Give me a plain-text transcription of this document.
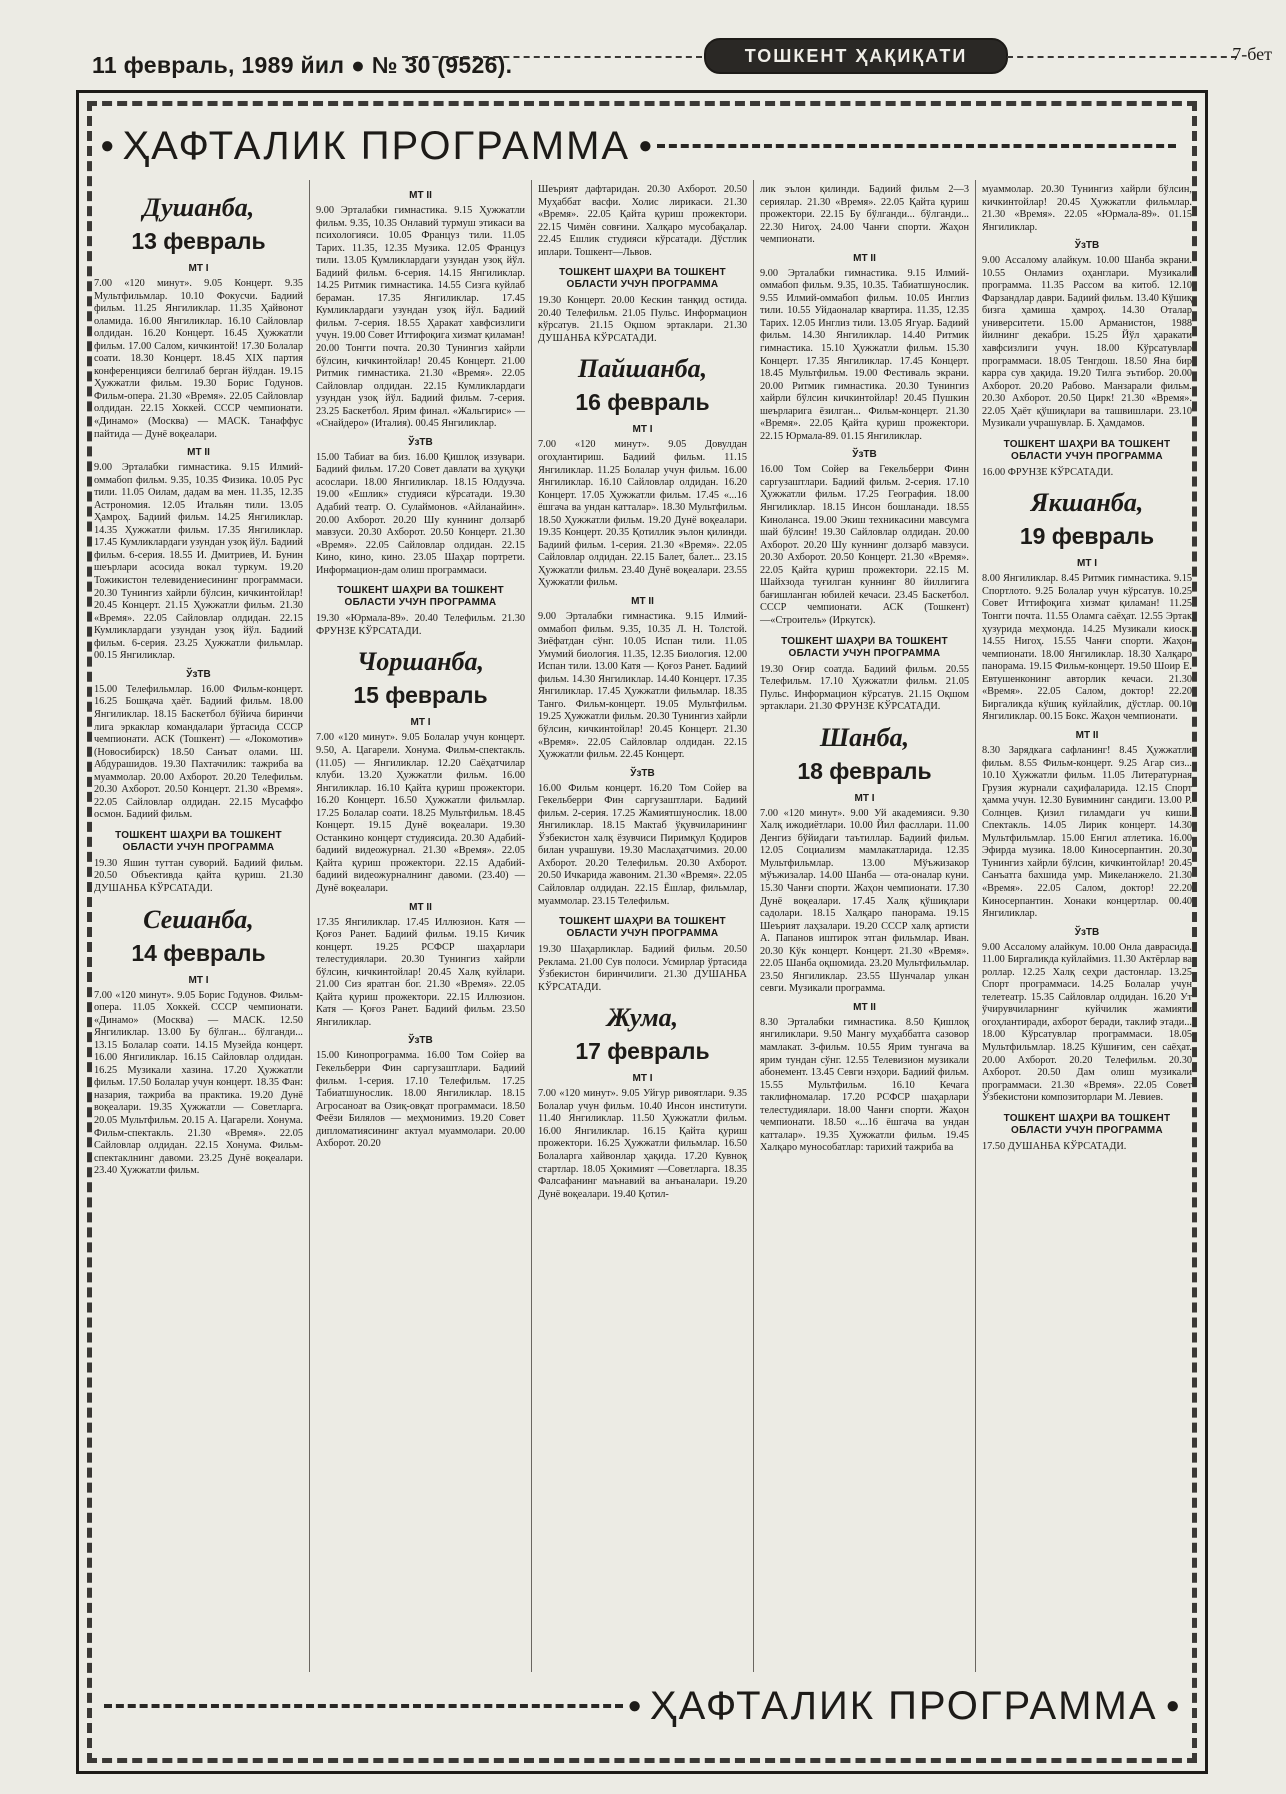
11 февраль, 1989 йил ● № 30 (9526).	ТОШКЕНТ ҲАҚИҚАТИ	7-бет
● ҲАФТАЛИК ПРОГРАММА ●
Душанба,
13 февраль
МТ I

7.00 «120 минут». 9.05 Концерт. 9.35 Мультфильмлар. 10.10 Фокусчи. Бадиий фильм. 11.25 Янгиликлар. 11.35 Ҳайвонот оламида. 16.00 Янгиликлар. 16.10 Сайловлар олдидан. 16.20 Концерт. 16.45 Ҳужжатли фильм. 17.00 Салом, кичкинтой! 17.30 Болалар соати. 18.30 Концерт. 18.45 XIX партия конференцияси белгилаб берган йўлдан. 19.15 Ҳужжатли фильм. 19.30 Борис Годунов. Фильм-опера. 21.30 «Время». 22.05 Сайловлар олдидан. 22.15 Хоккей. СССР чемпионати. «Динамо» (Москва) — МАСК. Танаффус пайтида — Дунё воқеалари.

МТ II

9.00 Эрталабки гимнастика. 9.15 Илмий-оммабоп фильм. 9.35, 10.35 Физика. 10.05 Рус тили. 11.05 Оилам, дадам ва мен. 11.35, 12.35 Астрономия. 12.05 Итальян тили. 13.05 Ҳамроҳ. Бадиий фильм. 14.25 Янгиликлар. 14.35 Ҳужжатли фильм. 17.35 Янгиликлар. 17.45 Кумликлардаги узундан узоқ йўл. Бадиий фильм. 6-серия. 18.55 И. Дмитриев, И. Бунин шеърлари асосида вокал туркум. 19.20 Тожикистон телевидениесининг программаси. 20.30 Тунингиз хайрли бўлсин, кичкинтойлар! 20.45 Концерт. 21.15 Ҳужжатли фильм. 21.30 «Время». 22.05 Сайловлар олдидан. 22.15 Кумликлардаги узундан узоқ йўл. Бадиий фильм. 6-серия. 23.25 Ҳужжатли фильмлар. 00.15 Янгиликлар.

ЎзТВ

15.00 Телефильмлар. 16.00 Фильм-концерт. 16.25 Бошқача ҳаёт. Бадиий фильм. 18.00 Янгиликлар. 18.15 Баскетбол бўйича биринчи лига эркаклар командалари ўртасида СССР чемпионати. АСК (Тошкент) — «Локомотив» (Новосибирск) 18.50 Санъат олами. Ш. Абдурашидов. 19.30 Пахтачилик: тажриба ва муаммолар. 20.00 Ахборот. 20.20 Телефильм. 20.30 Ахборот. 20.50 Концерт. 21.30 «Время». 22.05 Сайловлар олдидан. 22.15 Мусаффо осмон. Бадиий фильм.

ТОШКЕНТ ШАҲРИ ВА ТОШКЕНТ ОБЛАСТИ УЧУН ПРОГРАММА

19.30 Яшин туттан суворий. Бадиий фильм. 20.50 Объективда қайта қуриш. 21.30 ДУШАНБА КЎРСАТАДИ.

Сешанба,
14 февраль
МТ I

7.00 «120 минут». 9.05 Борис Годунов. Фильм-опера. 11.05 Хоккей. СССР чемпионати. «Динамо» (Москва) — МАСК. 12.50 Янгиликлар. 13.00 Бу бўлган... бўлганди... 13.15 Болалар соати. 14.15 Музейда концерт. 16.00 Янгиликлар. 16.15 Сайловлар олдидан. 16.25 Музикали хазина. 17.20 Ҳужжатли фильм. 17.50 Болалар учун концерт. 18.35 Фан: назария, тажриба ва практика. 19.20 Дунё воқеалари. 19.35 Ҳужжатли — Советларга. 20.05 Мультфильм. 20.15 А. Цагарели. Хонума. Фильм-спектакль. 21.30 «Время». 22.05 Сайловлар олдидан. 22.15 Хонума. Фильм-спектаклнинг давоми. 23.25 Дунё воқеалари. 23.40 Ҳужжатли фильм.

МТ II

9.00 Эрталабки гимнастика. 9.15 Ҳужжатли фильм. 9.35, 10.35 Онлавий турмуш этикаси ва психологияси. 10.05 Француз тили. 11.05 Тарих. 11.35, 12.35 Музика. 12.05 Француз тили. 13.05 Қумликлардаги узундан узоқ йўл. Бадиий фильм. 6-серия. 14.15 Янгиликлар. 14.25 Ритмик гимнастика. 14.55 Сизга куйлаб бераман. 17.35 Янгиликлар. 17.45 Кумликлардаги узундан узоқ йўл. Бадиий фильм. 7-серия. 18.55 Ҳаракат хавфсизлиги учун. 19.00 Совет Иттифоқига хизмат қиламан! 20.00 Тонгги почта. 20.30 Тунингиз хайрли бўлсин, кичкинтойлар! 20.45 Концерт. 21.00 Ритмик гимнастика. 21.30 «Время». 22.05 Сайловлар олдидан. 22.15 Кумликлардаги узундан узоқ йўл. Бадиий фильм. 7-серия. 23.25 Баскетбол. Ярим финал. «Жальгирис» — «Снайдеро» (Италия). 00.45 Янгиликлар.

ЎзТВ

15.00 Табиат ва биз. 16.00 Қишлоқ иззувари. Бадиий фильм. 17.20 Совет давлати ва ҳуқуқи асослари. 18.00 Янгиликлар. 18.15 Юлдузча. 19.00 «Ешлик» студияси кўрсатади. 19.30 Адабий театр. О. Сулаймонов. «Айланайин». 20.00 Ахборот. 20.20 Шу куннинг долзарб мавзуси. 20.30 Ахборот. 20.50 Концерт. 21.30 «Время». 22.05 Сайловлар олдидан. 22.15 Кино, кино, кино. 23.05 Шаҳар портрети. Информацион-дам олиш программаси.

ТОШКЕНТ ШАҲРИ ВА ТОШКЕНТ ОБЛАСТИ УЧУН ПРОГРАММА

19.30 «Юрмала-89». 20.40 Телефильм. 21.30 ФРУНЗЕ КЎРСАТАДИ.

Чоршанба,
15 февраль
МТ I

7.00 «120 минут». 9.05 Болалар учун концерт. 9.50, А. Цагарели. Хонума. Фильм-спектакль. (11.05) — Янгиликлар. 12.20 Саёҳатчилар клуби. 13.20 Ҳужжатли фильм. 16.00 Янгиликлар. 16.10 Қайта қуриш прожектори. 16.20 Концерт. 16.50 Ҳужжатли фильмлар. 17.25 Болалар соати. 18.25 Мультфильм. 18.45 Концерт. 19.15 Дунё воқеалари. 19.30 Останкино концерт студиясида. 20.30 Адабий-бадиий видеожурнал. 21.30 «Время». 22.05 Қайта қуриш прожектори. 22.15 Адабий-бадиий видеожурналнинг давоми. (23.40) — Дунё воқеалари.

МТ II

17.35 Янгиликлар. 17.45 Иллюзион. Катя — Қоғоз Ранет. Бадиий фильм. 19.15 Кичик концерт. 19.25 РСФСР шаҳарлари телестудиялари. 20.30 Тунингиз хайрли бўлсин, кичкинтойлар! 20.45 Халқ куйлари. 21.00 Сиз яратган бог. 21.30 «Время». 22.05 Қайта қуриш прожектори. 22.15 Иллюзион. Катя — Қоғоз Ранет. Бадиий фильм. 23.50 Янгиликлар.

ЎзТВ

15.00 Кинопрограмма. 16.00 Том Сойер ва Гекельберри Фин саргузаштлари. Бадиий фильм. 1-серия. 17.10 Телефильм. 17.25 Табиатшунослик. 18.00 Янгиликлар. 18.15 Агросаноат ва Озиқ-овқат программаси. 18.50 Феёзи Билялов — меҳмонимиз. 19.20 Совет дипломатиясининг актуал муаммолари. 20.00 Ахборот. 20.20

Шеърият дафтаридан. 20.30 Ахборот. 20.50 Муҳаббат васфи. Холис лирикаси. 21.30 «Время». 22.05 Қайта қуриш прожектори. 22.15 Чимён совғини. Халқаро мусобақалар. 22.45 Ешлик студияси кўрсатади. Дўстлик иплари. Тошкент—Львов.

ТОШКЕНТ ШАҲРИ ВА ТОШКЕНТ ОБЛАСТИ УЧУН ПРОГРАММА

19.30 Концерт. 20.00 Кескин танқид остида. 20.40 Телефильм. 21.05 Пульс. Информацион кўрсатув. 21.15 Оқшом эртаклари. 21.30 ДУШАНБА КЎРСАТАДИ.

Пайшанба,
16 февраль
МТ I

7.00 «120 минут». 9.05 Довулдан огоҳлантириш. Бадиий фильм. 11.15 Янгиликлар. 11.25 Болалар учун фильм. 16.00 Янгиликлар. 16.10 Сайловлар олдидан. 16.20 Концерт. 17.05 Ҳужжатли фильм. 17.45 «...16 ёшгача ва ундан катталар». 18.30 Мультфильм. 18.50 Ҳужжатли фильм. 19.20 Дунё воқеалари. 19.35 Концерт. 20.35 Қотиллик эълон қилинди. Бадиий фильм. 1-серия. 21.30 «Время». 22.05 Сайловлар олдидан. 22.15 Балет, балет... 23.15 Ҳужжатли фильм. 23.40 Дунё воқеалари. 23.55 Ҳужжатли фильм.

МТ II

9.00 Эрталабки гимнастика. 9.15 Илмий-оммабоп фильм. 9.35, 10.35 Л. Н. Толстой. Зиёфатдан сўнг. 10.05 Испан тили. 11.05 Умумий биология. 11.35, 12.35 Биология. 12.00 Испан тили. 13.00 Катя — Қоғоз Ранет. Бадиий фильм. 14.30 Янгиликлар. 14.40 Концерт. 17.35 Янгиликлар. 17.45 Ҳужжатли фильмлар. 18.35 Танго. Фильм-концерт. 19.05 Мультфильм. 19.25 Ҳужжатли фильм. 20.30 Тунингиз хайрли бўлсин, кичкинтойлар! 20.45 Концерт. 21.30 «Время». 22.05 Сайловлар олдидан. 22.15 Ҳужжатли фильм. 22.45 Концерт.

ЎзТВ

16.00 Фильм концерт. 16.20 Том Сойер ва Гекельберри Фин саргузаштлари. Бадиий фильм. 2-серия. 17.25 Жамиятшунослик. 18.00 Янгиликлар. 18.15 Мактаб ўқувчиларининг Ўзбекистон халқ ёзувчиси Пиримқул Қодиров билан учрашуви. 19.30 Маслаҳатчимиз. 20.00 Ахборот. 20.20 Телефильм. 20.30 Ахборот. 20.50 Ичкарида жавоним. 21.30 «Время». 22.05 Сайловлар олдидан. 22.15 Ёшлар, фильмлар, муаммолар. 23.15 Телефильм.

ТОШКЕНТ ШАҲРИ ВА ТОШКЕНТ ОБЛАСТИ УЧУН ПРОГРАММА

19.30 Шаҳарликлар. Бадиий фильм. 20.50 Реклама. 21.00 Сув полоси. Усмирлар ўртасида Ўзбекистон биринчилиги. 21.30 ДУШАНБА КЎРСАТАДИ.

Жума,
17 февраль
МТ I

7.00 «120 минут». 9.05 Уйгур ривоятлари. 9.35 Болалар учун фильм. 10.40 Инсон институти. 11.40 Янгиликлар. 11.50 Ҳужжатли фильм. 16.00 Янгиликлар. 16.15 Қайта қуриш прожектори. 16.25 Ҳужжатли фильмлар. 16.50 Болаларга хайвонлар ҳақида. 17.20 Кувноқ стартлар. 18.05 Ҳокимият —Советларга. 18.35 Фалсафанинг маънавий ва анъаналари. 19.20 Дунё воқеалари. 19.40 Қотил-

лик эълон қилинди. Бадиий фильм 2—3 сериялар. 21.30 «Время». 22.05 Қайта қуриш прожектори. 22.15 Бу бўлганди... бўлганди... 22.30 Нигоҳ. 24.00 Чанғи спорти. Жаҳон чемпионати.

МТ II

9.00 Эрталабки гимнастика. 9.15 Илмий-оммабоп фильм. 9.35, 10.35. Табиатшунослик. 9.55 Илмий-оммабоп фильм. 10.05 Инглиз тили. 10.55 Уйдаоналар квартира. 11.35, 12.35 Тарих. 12.05 Инглиз тили. 13.05 Ягуар. Бадиий фильм. 14.30 Янгиликлар. 14.40 Ритмик гимнастика. 15.10 Ҳужжатли фильм. 15.30 Концерт. 17.35 Янгиликлар. 17.45 Концерт. 18.45 Мультфильм. 19.00 Фестиваль экрани. 20.00 Ритмик гимнастика. 20.30 Тунингиз хайрли бўлсин кичкинтойлар! 20.45 Пушкин шеърларига ёзилган... Фильм-концерт. 21.30 «Время». 22.05 Қайта қуриш прожектори. 22.15 Юрмала-89. 01.15 Янгиликлар.

ЎзТВ

16.00 Том Сойер ва Гекельберри Финн саргузаштлари. Бадиий фильм. 2-серия. 17.10 Ҳужжатли фильм. 17.25 География. 18.00 Янгиликлар. 18.15 Инсон бошланади. 18.55 Киноланса. 19.00 Экиш техникасини мавсумга шай бўлсин! 19.30 Сайловлар олдидан. 20.00 Ахборот. 20.20 Шу куннинг долзарб мавзуси. 20.30 Ахборот. 20.50 Концерт. 21.30 «Время». 22.05 Қайта қуриш прожектори. 22.15 М. Шайхзода туғилган куннинг 80 йиллигига бағишланган юбилей кечаси. 23.45 Баскетбол. СССР чемпионати. АСК (Тошкент) —«Строитель» (Иркутск).

ТОШКЕНТ ШАҲРИ ВА ТОШКЕНТ ОБЛАСТИ УЧУН ПРОГРАММА

19.30 Оғир соатда. Бадиий фильм. 20.55 Телефильм. 17.10 Ҳужжатли фильм. 21.05 Пульс. Информацион кўрсатув. 21.15 Оқшом эртаклари. 21.30 ФРУНЗЕ КЎРСАТАДИ.

Шанба,
18 февраль
МТ I

7.00 «120 минут». 9.00 Уй академияси. 9.30 Халқ ижодиётлари. 10.00 Йил фасллари. 11.00 Денгиз бўйидаги таътиллар. Бадиий фильм. 12.05 Социализм мамлакатларида. 12.35 Мультфильмлар. 13.00 Мўъжизакор мўъжизалар. 14.00 Шанба — ота-оналар куни. 15.30 Чанғи спорти. Жаҳон чемпионати. 17.30 Дунё воқеалари. 17.45 Халқ қўшиқлари садолари. 18.15 Халқаро панорама. 19.15 Шеърият лаҳзалари. 19.20 СССР халқ артисти А. Папанов иштирок этган фильмлар. Иван. 20.30 Кўк концерт. Концерт. 21.30 «Время». 22.05 Шанба оқшомида. 23.20 Мультфильмлар. 23.50 Янгиликлар. 23.55 Шунчалар улкан севги. Музикали программа.

МТ II

8.30 Эрталабки гимнастика. 8.50 Қишлоқ янгиликлари. 9.50 Мангу муҳаббатга сазовор мамлакат. 3-фильм. 10.55 Ярим тунгача ва ярим тундан сўнг. 12.55 Телевизион музикали абонемент. 13.45 Севги нэҳори. Бадиий фильм. 15.55 Мультфильм. 16.10 Кечага таклифномалар. 17.20 РСФСР шаҳарлари телестудиялари. 18.00 Чанғи спорти. Жаҳон чемпионати. 18.50 «...16 ёшгача ва ундан катталар». 19.35 Ҳужжатли фильм. 19.45 Халқаро мунособатлар: тарихий тажриба ва

муаммолар. 20.30 Тунингиз хайрли бўлсин, кичкинтойлар! 20.45 Ҳужжатли фильмлар. 21.30 «Время». 22.05 «Юрмала-89». 01.15 Янгиликлар.

ЎзТВ

9.00 Ассалому алайкум. 10.00 Шанба экрани. 10.55 Онламиз оҳанглари. Музикали программа. 11.35 Рассом ва китоб. 12.10 Фарзандлар даври. Бадиий фильм. 13.40 Кўшиқ бизга ҳамиша ҳамроҳ. 14.30 Оталар университети. 15.00 Арманистон, 1988 йилнинг декабри. 15.25 Йўл ҳаракати хавфсизлиги учун. 18.00 Кўрсатувлар программаси. 18.05 Тенгдош. 18.50 Яна бир карра сув ҳақида. 19.20 Тилга эътибор. 20.00 Ахборот. 20.20 Рабово. Манзарали фильм. 20.30 Ахборот. 20.50 Цирк! 21.30 «Время». 22.05 Ҳаёт қўшиқлари ва ташвишлари. 23.10 Музикали учрашувлар. Б. Ҳамдамов.

ТОШКЕНТ ШАҲРИ ВА ТОШКЕНТ ОБЛАСТИ УЧУН ПРОГРАММА

16.00 ФРУНЗЕ КЎРСАТАДИ.

Якшанба,
19 февраль
МТ I

8.00 Янгиликлар. 8.45 Ритмик гимнастика. 9.15 Спортлото. 9.25 Болалар учун кўрсатув. 10.25 Совет Иттифоқига хизмат қиламан! 11.25 Тонгги почта. 11.55 Оламга саёҳат. 12.55 Эртак ҳузурида меҳмонда. 14.25 Музикали киоск. 14.55 Нигоҳ. 15.55 Чанғи спорти. Жаҳон чемпионати. 18.00 Янгиликлар. 18.30 Халқаро панорама. 19.15 Фильм-концерт. 19.50 Шоир Е. Евтушенконинг авторлик кечаси. 21.30 «Время». 22.05 Салом, доктор! 22.20 Биргаликда кўшиқ куйлайлик, дўстлар. 00.10 Янгиликлар. 00.15 Бокс. Жаҳон чемпионати.

МТ II

8.30 Зарядкага сафланинг! 8.45 Ҳужжатли фильм. 8.55 Фильм-концерт. 9.25 Агар сиз... 10.10 Ҳужжатли фильм. 11.05 Литературная Грузия журнали саҳифаларида. 12.15 Спорт ҳамма учун. 12.30 Бувимнинг сандиги. 13.00 Р. Солнцев. Қизил гиламдаги уч киши. Спектакль. 14.05 Лирик концерт. 14.30 Мультфильмлар. 15.00 Енгил атлетика. 16.00 Эфирда музика. 18.00 Киносерпантин. 20.30 Тунингиз хайрли бўлсин, кичкинтойлар! 20.45 Санъатга бахшида умр. Микеланжело. 21.30 «Время». 22.05 Салом, доктор! 22.20 Киносерпантин. Хонаки концертлар. 00.40 Янгиликлар.

ЎзТВ

9.00 Ассалому алайкум. 10.00 Онла даврасида. 11.00 Биргаликда куйлаймиз. 11.30 Актёрлар ва роллар. 12.25 Халқ сеҳри дастонлар. 13.25 Спорт программаси. 14.25 Болалар учун телетеатр. 15.35 Сайловлар олдидан. 16.20 Ут ўчирувчиларнинг куйчилик жамияти огоҳлантиради, ахборот беради, таклиф этади... 18.00 Кўрсатувлар программаси. 18.05 Мультфильмлар. 18.25 Кўшиғим, сен саёҳат. 20.00 Ахборот. 20.20 Телефильм. 20.30 Ахборот. 20.50 Дам олиш музикали программаси. 21.30 «Время». 22.05 Совет Ўзбекистони композиторлари М. Левиев.

ТОШКЕНТ ШАҲРИ ВА ТОШКЕНТ ОБЛАСТИ УЧУН ПРОГРАММА

17.50 ДУШАНБА КЎРСАТАДИ.

● ҲАФТАЛИК ПРОГРАММА ●
